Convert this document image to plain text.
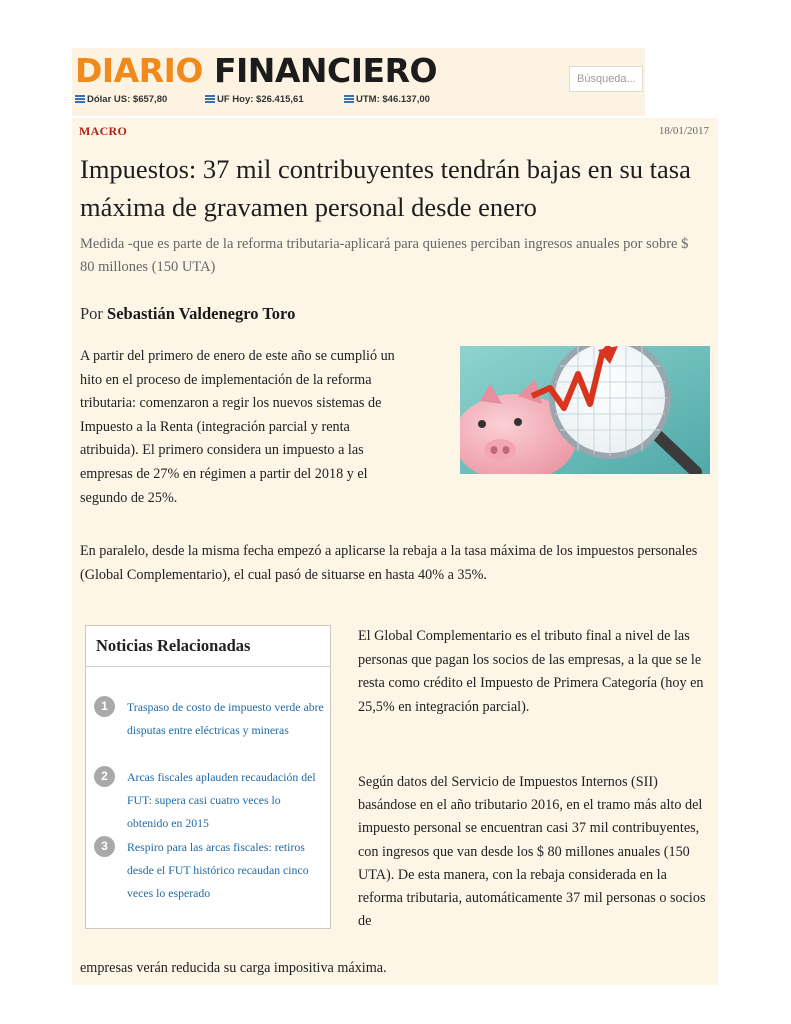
DIARIO FINANCIERO	Búsqueda...
Dólar US: $657,80	UF Hoy: $26.415,61	UTM: $46.137,00
MACRO	18/01/2017
Impuestos: 37 mil contribuyentes tendrán bajas en su tasa máxima de gravamen personal desde enero
Medida -que es parte de la reforma tributaria-aplicará para quienes perciban ingresos anuales por sobre $ 80 millones (150 UTA)
Por Sebastián Valdenegro Toro
A partir del primero de enero de este año se cumplió un hito en el proceso de implementación de la reforma tributaria: comenzaron a regir los nuevos sistemas de Impuesto a la Renta (integración parcial y renta atribuida). El primero considera un impuesto a las empresas de 27% en régimen a partir del 2018 y el segundo de 25%.
En paralelo, desde la misma fecha empezó a aplicarse la rebaja a la tasa máxima de los impuestos personales (Global Complementario), el cual pasó de situarse en hasta 40% a 35%.
Noticias Relacionadas
1	Traspaso de costo de impuesto verde abre disputas entre eléctricas y mineras
2	Arcas fiscales aplauden recaudación del FUT: supera casi cuatro veces lo obtenido en 2015
3	Respiro para las arcas fiscales: retiros desde el FUT histórico recaudan cinco veces lo esperado
El Global Complementario es el tributo final a nivel de las personas que pagan los socios de las empresas, a la que se le resta como crédito el Impuesto de Primera Categoría (hoy en 25,5% en integración parcial).
Según datos del Servicio de Impuestos Internos (SII) basándose en el año tributario 2016, en el tramo más alto del impuesto personal se encuentran casi 37 mil contribuyentes, con ingresos que van desde los $ 80 millones anuales (150 UTA). De esta manera, con la rebaja considerada en la reforma tributaria, automáticamente 37 mil personas o socios de
empresas verán reducida su carga impositiva máxima.
